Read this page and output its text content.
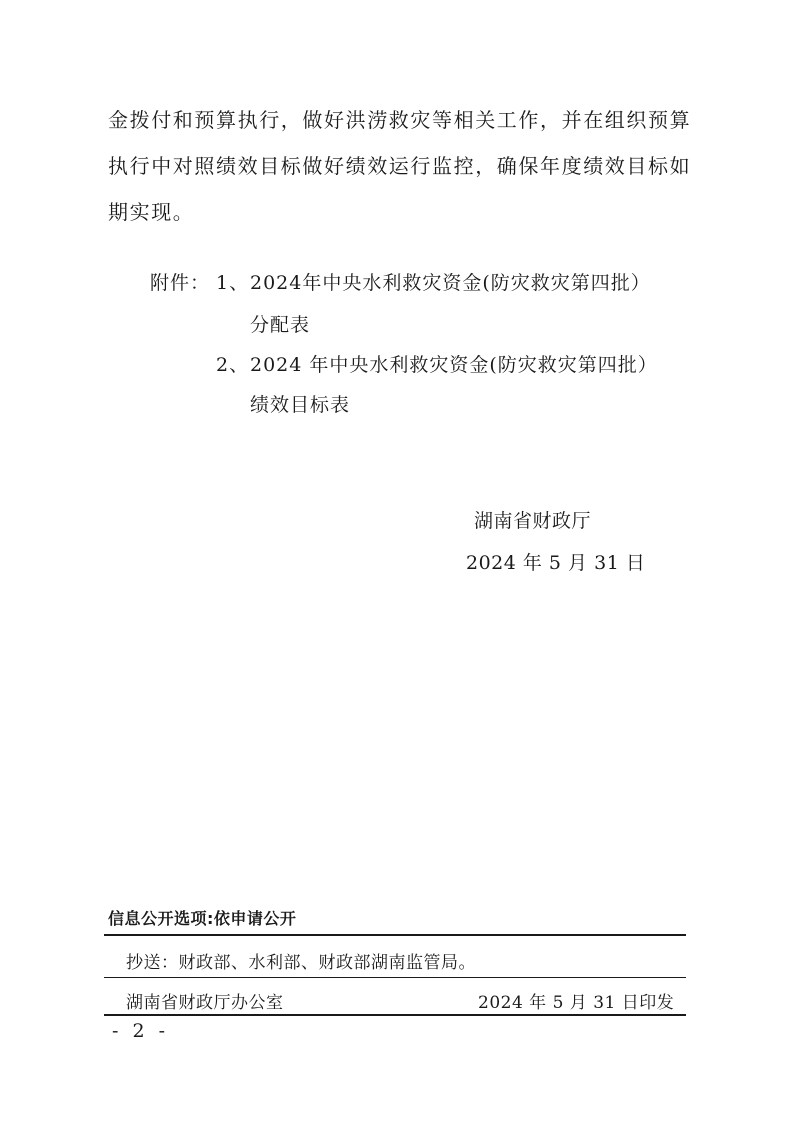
金拨付和预算执行，做好洪涝救灾等相关工作，并在组织预算
执行中对照绩效目标做好绩效运行监控，确保年度绩效目标如
期实现。
附件： 1、 2024年中央水利救灾资金(防灾救灾第四批）
分配表
2、 2024 年中央水利救灾资金(防灾救灾第四批）
绩效目标表
湖南省财政厅
2024 年 5 月 31 日
信息公开选项:依申请公开
抄送：财政部、水利部、财政部湖南监管局。
湖南省财政厅办公室	2024 年 5 月 31 日印发
- 2 -
